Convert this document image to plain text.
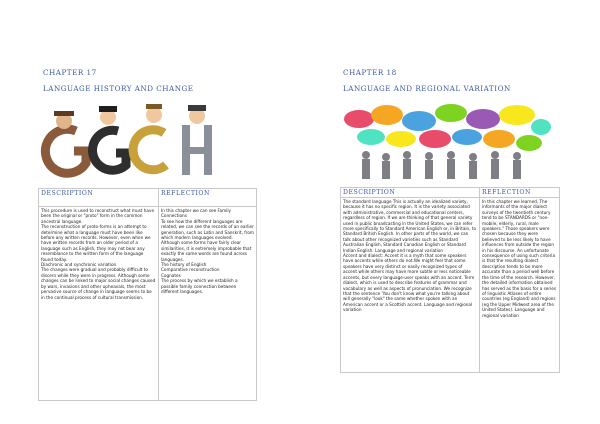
CHAPTER 17
LANGUAGE HISTORY AND CHANGE
DESCRIPTION
This procedure is used to reconstruct what must have been the original or "proto" form in the common ancestral language.
The reconstruction of proto-forms is an attempt to determine what a language must have been like before any written records. However, even when we have written records from an older period of a language such as English, they may not bear any resemblance to the written form of the language found today.
Diachronic and synchronic variation
The changes were gradual and probably difficult to discern while they were in progress. Although some changes can be linked to major social changes caused by wars, invasions and other upheavals, the most pervasive source of change in language seems to be in the continual process of cultural transmission.
REFLECTION
In this chapter we can see Family Connections
To see how the different languages are related, we can see the records of an earlier generation, such as Latin and Sanskrit, from which modern languages evolved.
Although some forms have fairly clear similarities, it is extremely improbable that exactly the same words are found across languages.
The history of English
Comparative reconstruction
Cognates
The process by which we establish a possible family connection between different languages.
CHAPTER 18
LANGUAGE AND REGIONAL VARIATION
DESCRIPTION
The standard language This is actually an idealized variety, because it has no specific region. It is the variety associated with administrative, commercial and educational centers, regardless of region. If we are thinking of that general variety used in public broadcasting in the United States, we can refer more specifically to Standard American English or, in Britain, to Standard British English. In other parts of the world, we can talk about other recognized varieties such as Standard Australian English, Standard Canadian English or Standard Indian English. Language and regional variation
Accent and dialect: Accent it is a myth that some speakers have accents while others do not.We might feel that some speakers have very distinct or easily recognized types of accent while others may have more subtle or less noticeable accents, but every language-user speaks with an accent. Term dialect, which is used to describe features of grammar and vocabulary as well as aspects of pronunciation. We recognize that the sentence 'You don't know what you're talking about will generally "look" the same whether spoken with an American accent or a Scottish accent. Language and regional variation
REFLECTION
In this chapter we learned, The informants of the major dialect surveys of the twentieth century tend to be STANDARDS or "non-mobile, elderly, rural, male speakers." Those speakers were chosen because they were believed to be less likely to have influences from outside the region in his discourse. An unfortunate consequence of using such criteria is that the resulting dialect description tends to be more accurate than a period well before the time of the research. However, the detailed information obtained has served as the basis for a series of linguistic Atlases of entire countries (eg England) and regions (eg the Upper Midwest area of the United States). Language and regional variation
